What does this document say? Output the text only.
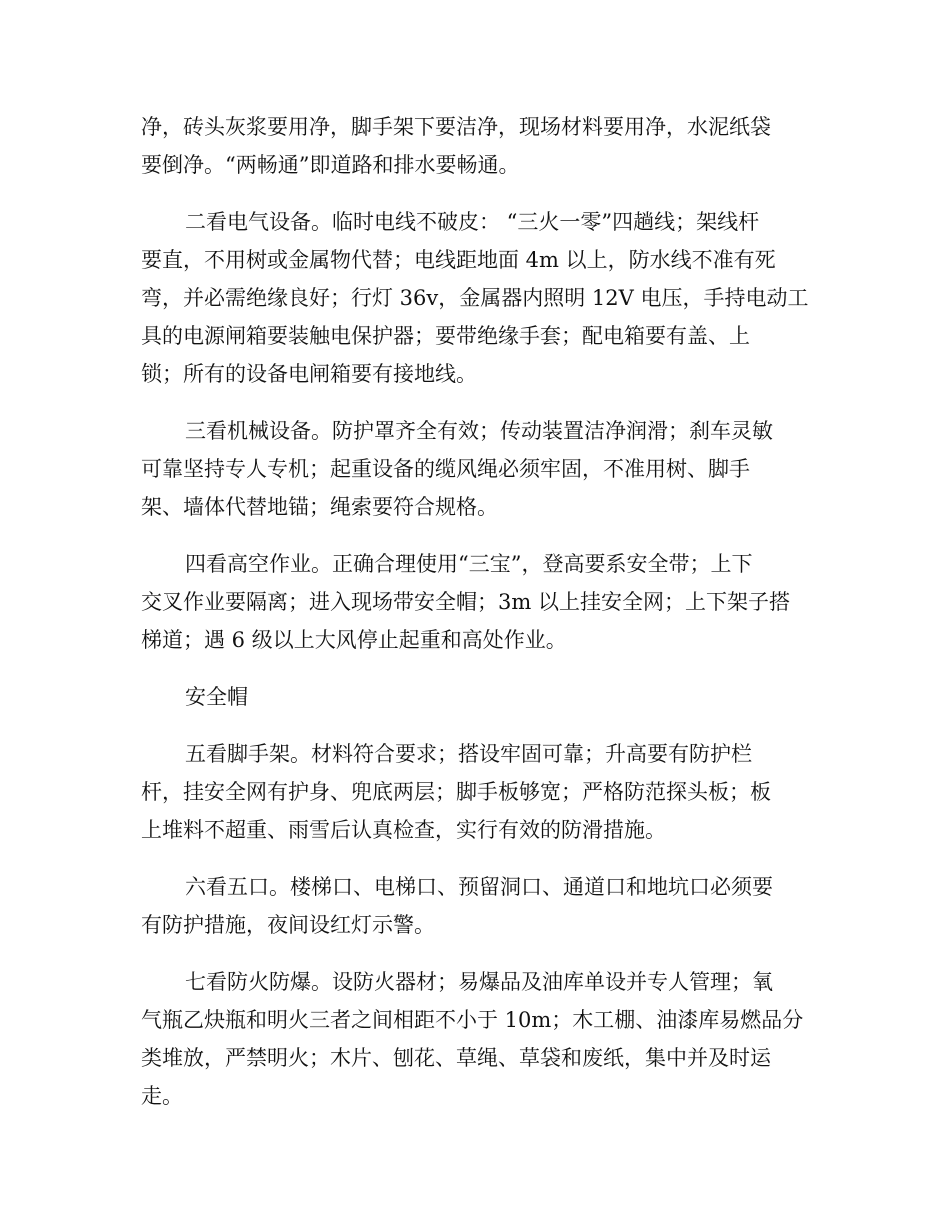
净，砖头灰浆要用净，脚手架下要洁净，现场材料要用净，水泥纸袋
要倒净。“两畅通”即道路和排水要畅通。

二看电气设备。临时电线不破皮： “三火一零”四趟线；架线杆
要直，不用树或金属物代替；电线距地面 4m 以上，防水线不准有死
弯，并必需绝缘良好；行灯 36v，金属器内照明 12V 电压，手持电动工
具的电源闸箱要装触电保护器；要带绝缘手套；配电箱要有盖、上
锁；所有的设备电闸箱要有接地线。

三看机械设备。防护罩齐全有效；传动装置洁净润滑；刹车灵敏
可靠坚持专人专机；起重设备的缆风绳必须牢固，不准用树、脚手
架、墙体代替地锚；绳索要符合规格。

四看高空作业。正确合理使用“三宝”，登高要系安全带；上下
交叉作业要隔离；进入现场带安全帽；3m 以上挂安全网；上下架子搭
梯道；遇 6 级以上大风停止起重和高处作业。

安全帽

五看脚手架。材料符合要求；搭设牢固可靠；升高要有防护栏
杆，挂安全网有护身、兜底两层；脚手板够宽；严格防范探头板；板
上堆料不超重、雨雪后认真检查，实行有效的防滑措施。

六看五口。楼梯口、电梯口、预留洞口、通道口和地坑口必须要
有防护措施，夜间设红灯示警。

七看防火防爆。设防火器材；易爆品及油库单设并专人管理；氧
气瓶乙炔瓶和明火三者之间相距不小于 10m；木工棚、油漆库易燃品分
类堆放，严禁明火；木片、刨花、草绳、草袋和废纸，集中并及时运
走。
